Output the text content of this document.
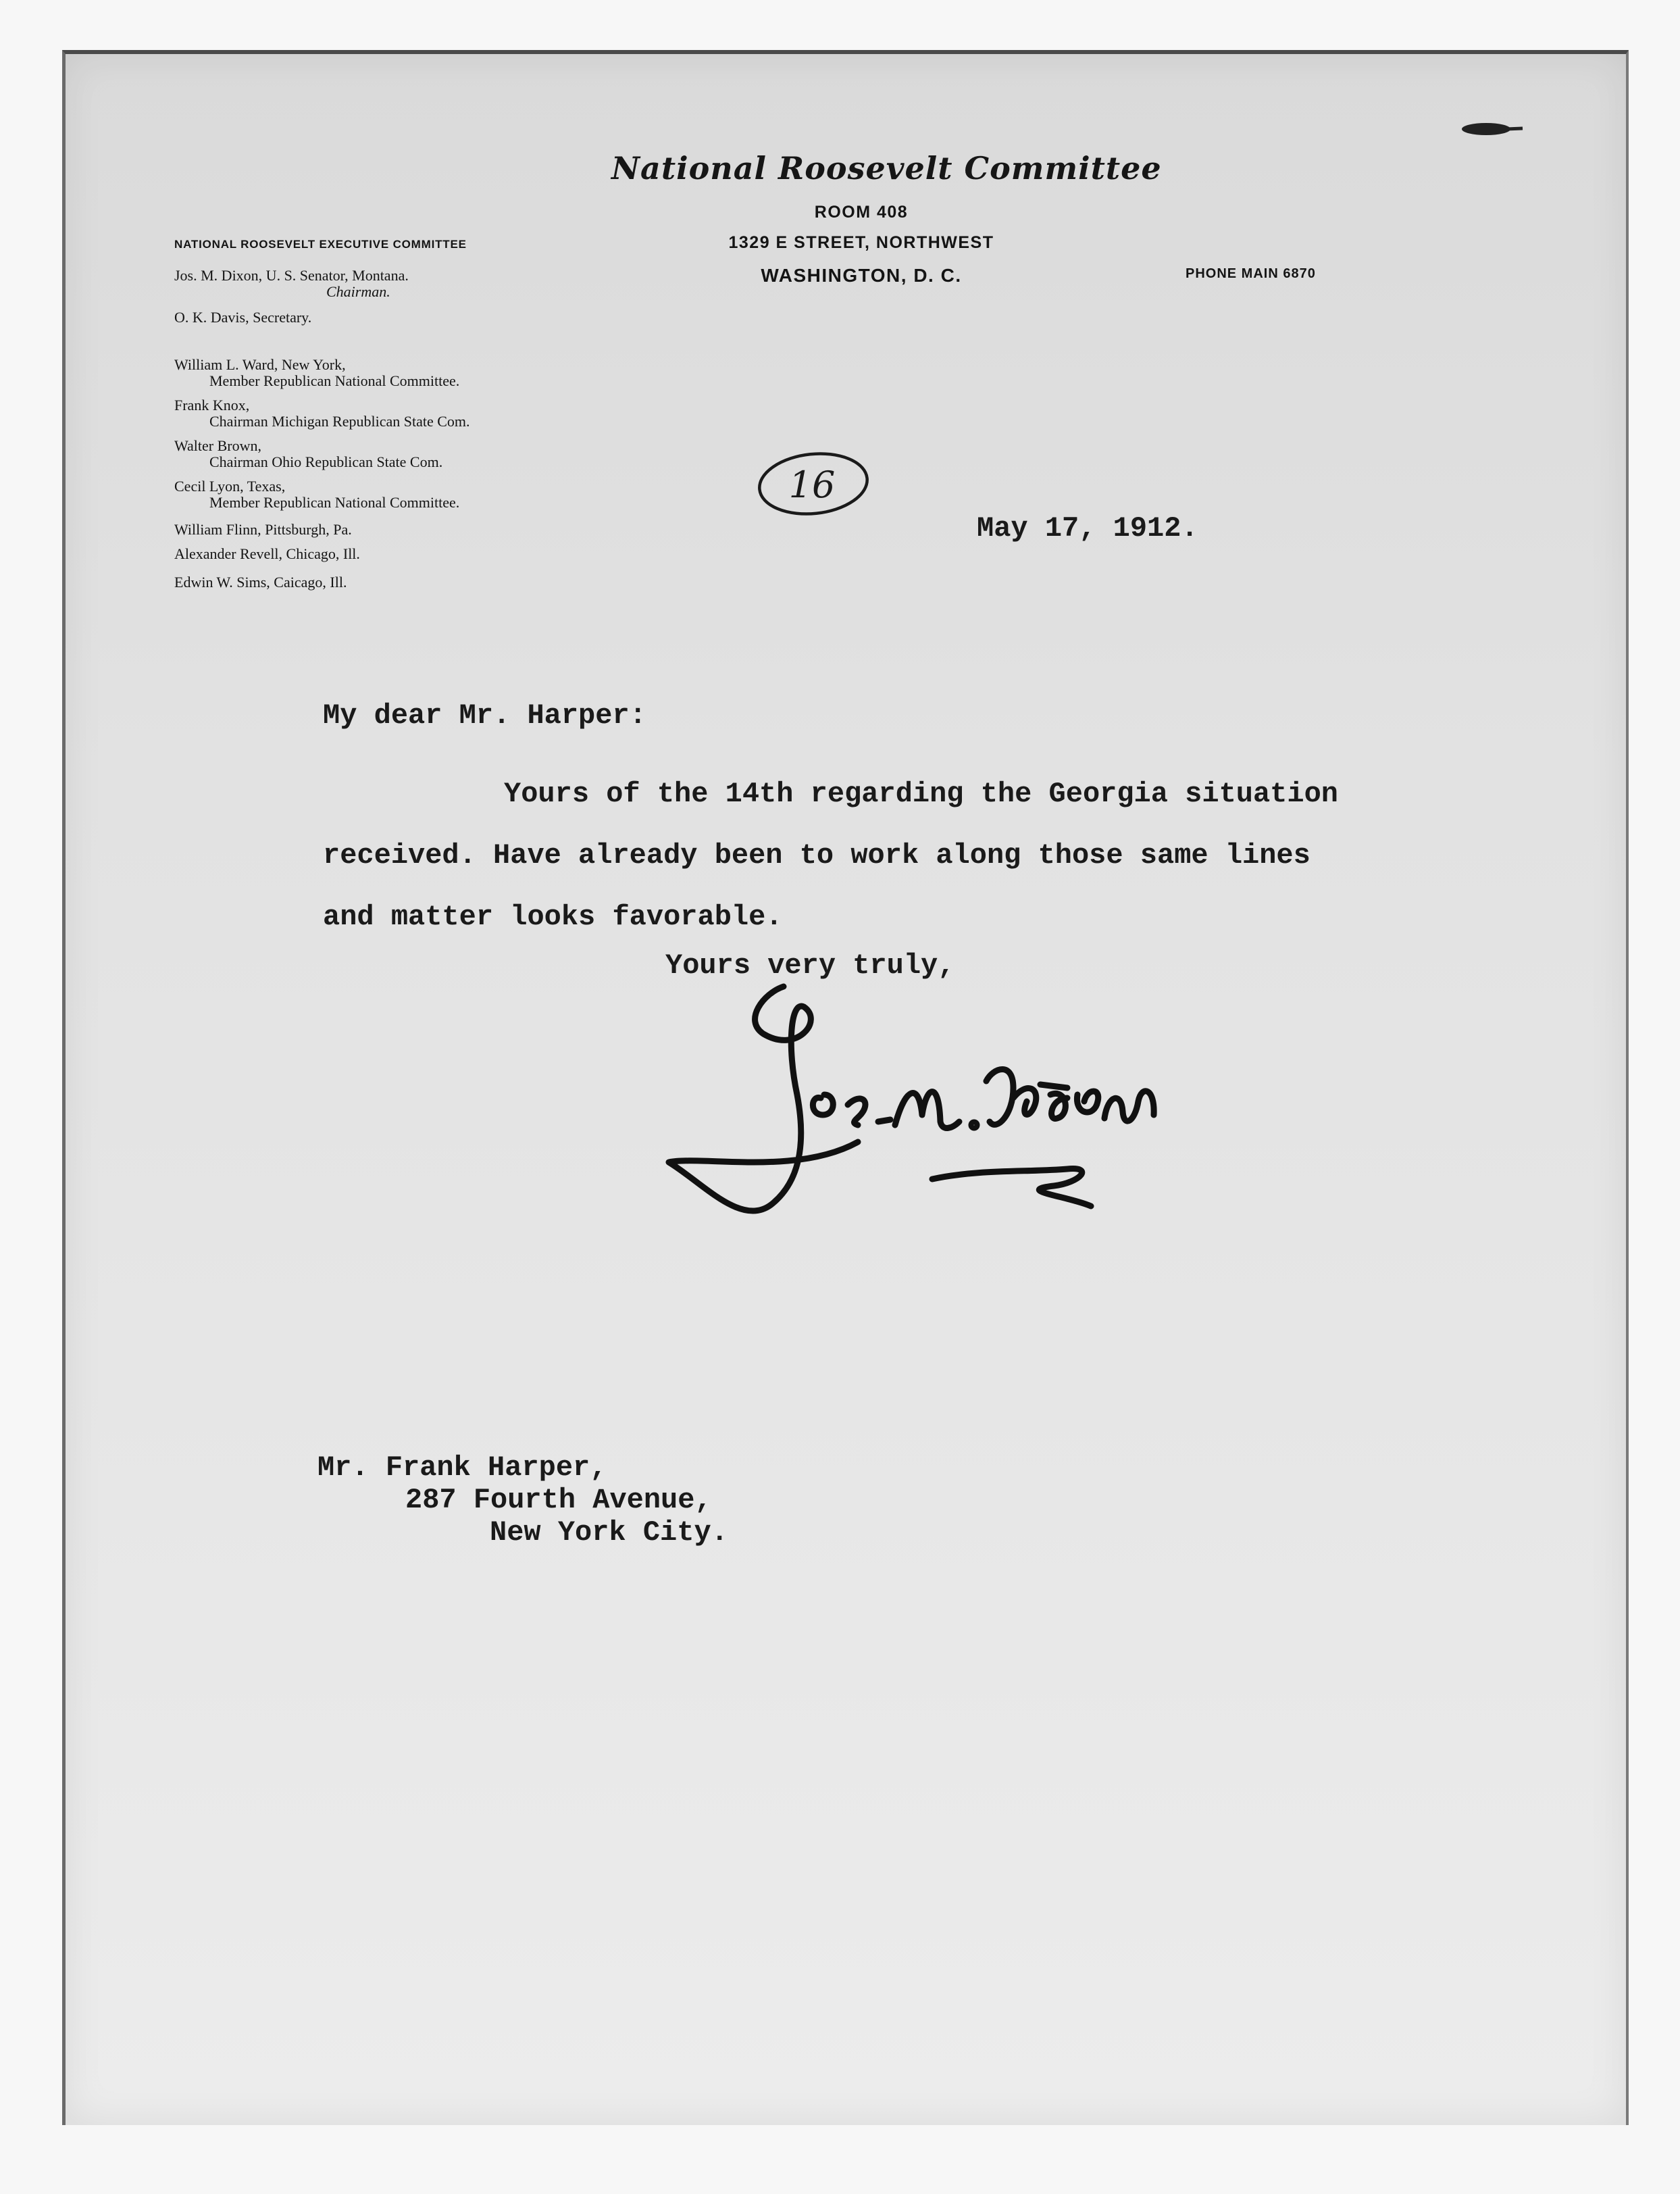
National Roosevelt Committee
ROOM 408
1329 E STREET, NORTHWEST
WASHINGTON, D. C.	PHONE MAIN 6870
NATIONAL ROOSEVELT EXECUTIVE COMMITTEE
Jos. M. Dixon, U. S. Senator, Montana.
Chairman.
O. K. Davis, Secretary.
William L. Ward, New York,
Member Republican National Committee.
Frank Knox,
Chairman Michigan Republican State Com.
Walter Brown,
Chairman Ohio Republican State Com.
Cecil Lyon, Texas,
Member Republican National Committee.
William Flinn, Pittsburgh, Pa.
Alexander Revell, Chicago, Ill.
Edwin W. Sims, Caicago, Ill.
16
May 17, 1912.
My dear Mr. Harper:
Yours of the 14th regarding the Georgia situation
received. Have already been to work along those same lines
and matter looks favorable.
Yours very truly,
Mr. Frank Harper,
287 Fourth Avenue,
New York City.
